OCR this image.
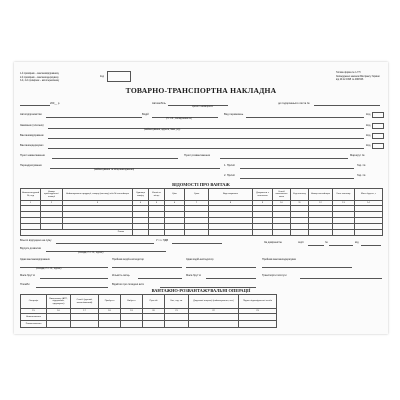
1-й примірник – вантажовідправнику
2-й примірник – вантажоодержувачу
3-й, 4-й примірник – автоперевізнику
Код
Типова форма № 1-ТН
Затверджено наказом Мінтрансу України
від 29.12.1995 № 488/346
ТОВАРНО-ТРАНСПОРТНА НАКЛАДНА
200__ р.	Автомобіль
причіп / напівпричіп
до подорожнього листа №
Автопідприємство	Водій
(П. І. Б., посвідчення №)
Вид перевезень	Код
Замовник (платник)
(найменування, адреса, банк, р/р)
Код
Вантажовідправник	Код
Вантажоодержувач	Код
Пункт навантаження	Пункт розвантаження	Маршрут №
Переадресування
(найменування та місцезнаходження)
1. Причіп	Гар. №
2. Причіп	Гар. №
ВІДОМОСТІ ПРО ВАНТАЖ
Номенклатурний №, код	Номер прейскуранта і позиції	Найменування продукції, товару (вантажу) або № контейнера	Одиниця виміру	Кількість місць	Ціна	Сума	Вид пакування	Документи з вантажем	Спосіб визначення маси	Код вантажу	Номер контейнера	Клас вантажу	Маса брутто, т
1	2	3	4	5	6	7	8	9	10	11	12	13	14

Разом													
Всього відпущено на суму	У т.ч. ПДВ
Відпуск дозволив
(посада, П. І. Б., підпис)
За довіреністю	серії	№	від
Здав вантажовідправник
(посада, П. І. Б., підпис)
Прийняв водій-експедитор	Здав водій-експедитор	Прийняв вантажоодержувач
Маса брутто	Кількість місць	Маса брутто	Транспортні послуги
Пломби	Відмітки про складені акти
ВАНТАЖНО-РОЗВАНТАЖУВАЛЬНІ ОПЕРАЦІЇ
Операція	Виконавець (АТП, відправник, одержувач)	Спосіб (ручний, механізований)	Прибуття	Вибуття	Простій	Час, год. хв.	Додаткові операції (найменування, час)	Підпис відповідальної особи
15	16	17	18	19	20	21	22	23
Навантаження								
Розвантаження								
